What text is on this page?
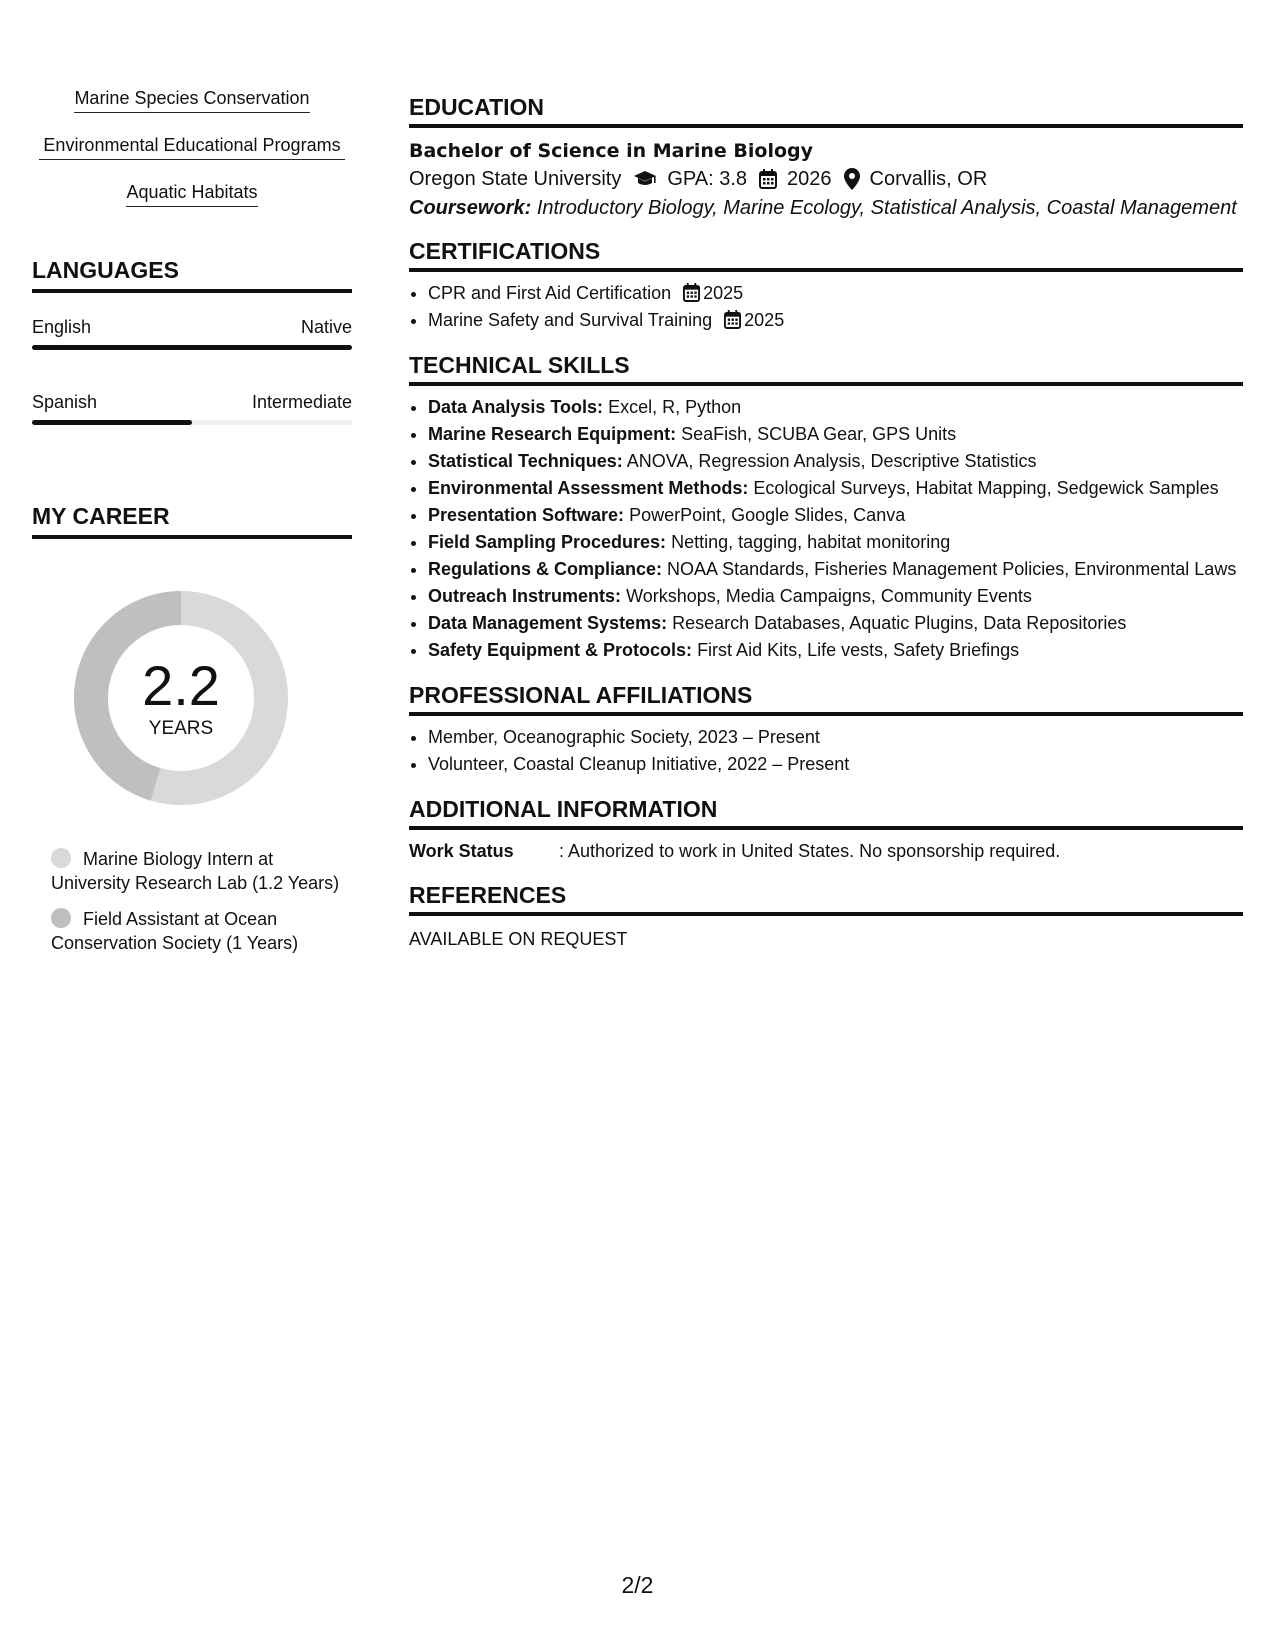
Marine Species Conservation
Environmental Educational Programs
Aquatic Habitats
LANGUAGES
English	Native
Spanish	Intermediate
MY CAREER
2.2
YEARS
Marine Biology Intern at University Research Lab (1.2 Years)
Field Assistant at Ocean Conservation Society (1 Years)
EDUCATION
Bachelor of Science in Marine Biology
Oregon State University GPA: 3.8 2026 Corvallis, OR
Coursework: Introductory Biology, Marine Ecology, Statistical Analysis, Coastal Management
CERTIFICATIONS
• CPR and First Aid Certification 2025
• Marine Safety and Survival Training 2025
TECHNICAL SKILLS
• Data Analysis Tools: Excel, R, Python
• Marine Research Equipment: SeaFish, SCUBA Gear, GPS Units
• Statistical Techniques: ANOVA, Regression Analysis, Descriptive Statistics
• Environmental Assessment Methods: Ecological Surveys, Habitat Mapping, Sedgewick Samples
• Presentation Software: PowerPoint, Google Slides, Canva
• Field Sampling Procedures: Netting, tagging, habitat monitoring
• Regulations & Compliance: NOAA Standards, Fisheries Management Policies, Environmental Laws
• Outreach Instruments: Workshops, Media Campaigns, Community Events
• Data Management Systems: Research Databases, Aquatic Plugins, Data Repositories
• Safety Equipment & Protocols: First Aid Kits, Life vests, Safety Briefings
PROFESSIONAL AFFILIATIONS
• Member, Oceanographic Society, 2023 – Present
• Volunteer, Coastal Cleanup Initiative, 2022 – Present
ADDITIONAL INFORMATION
Work Status	: Authorized to work in United States. No sponsorship required.
REFERENCES
AVAILABLE ON REQUEST
2/2
